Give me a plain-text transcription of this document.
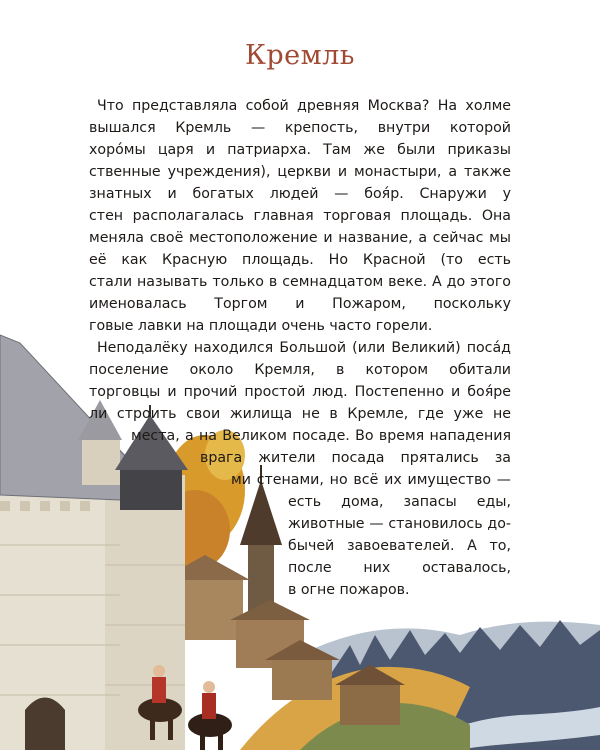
Кремль
Что представляла собой древняя Москва? На холме
вышался Кремль — крепость, внутри которой
хоро́мы царя и патриарха. Там же были приказы
ственные учреждения), церкви и монастыри, а также
знатных и богатых людей — боя́р. Снаружи у
стен располагалась главная торговая площадь. Она
меняла своё местоположение и название, а сейчас мы
её как Красную площадь. Но Красной (то есть
стали называть только в семнадцатом веке. А до этого
именовалась Торгом и Пожаром, поскольку
говые лавки на площади очень часто горели.
Неподалёку находился Большой (или Великий) поса́д
поселение около Кремля, в котором обитали
торговцы и прочий простой люд. Постепенно и боя́ре
ли строить свои жилища не в Кремле, где уже не
места, а на Великом посаде. Во время нападения
врага жители посада прятались за
ми стенами, но всё их имущество —
есть дома, запасы еды,
животные — становилось до-
бычей завоевателей. А то,
после них оставалось,
в огне пожаров.
